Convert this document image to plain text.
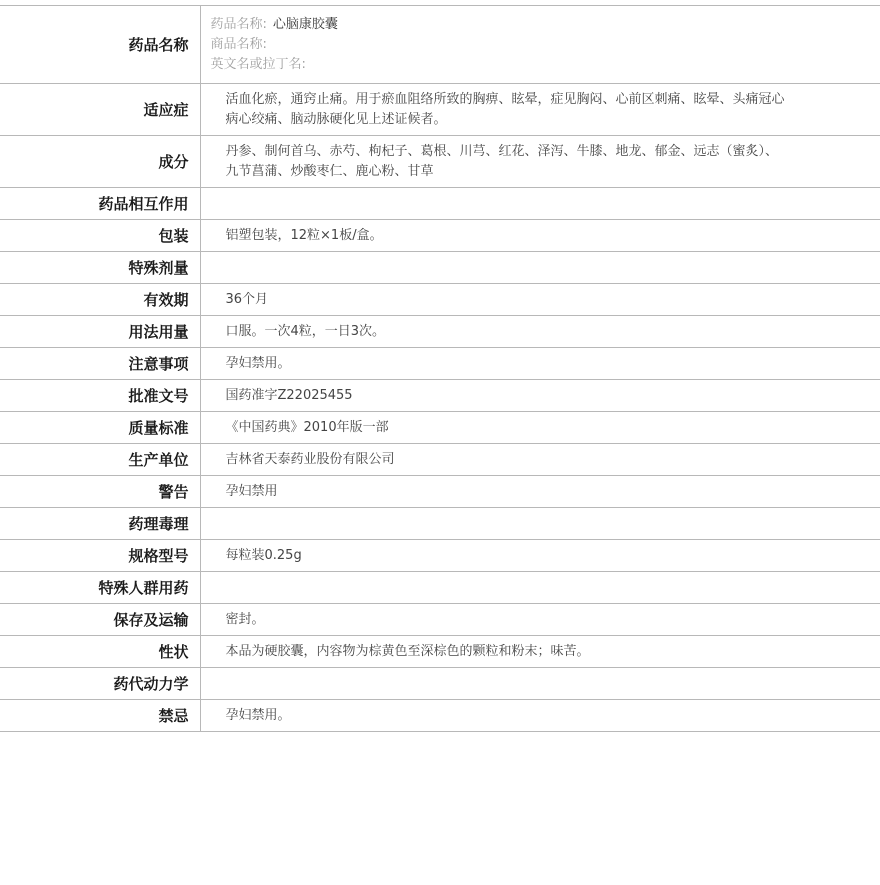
药品名称	药品名称: 心脑康胶囊
商品名称:
英文名或拉丁名:

适应症	活血化瘀，通窍止痛。用于瘀血阻络所致的胸痹、眩晕，症见胸闷、心前区刺痛、眩晕、头痛冠心病心绞痛、脑动脉硬化见上述证候者。
成分	丹参、制何首乌、赤芍、枸杞子、葛根、川芎、红花、泽泻、牛膝、地龙、郁金、远志（蜜炙）、九节菖蒲、炒酸枣仁、鹿心粉、甘草
药品相互作用	
包装	铝塑包装，12粒×1板/盒。
特殊剂量	
有效期	36个月
用法用量	口服。一次4粒，一日3次。
注意事项	孕妇禁用。
批准文号	国药准字Z22025455
质量标准	《中国药典》2010年版一部
生产单位	吉林省天泰药业股份有限公司
警告	孕妇禁用
药理毒理	
规格型号	每粒装0.25g
特殊人群用药	
保存及运输	密封。
性状	本品为硬胶囊，内容物为棕黄色至深棕色的颗粒和粉末；味苦。
药代动力学	
禁忌	孕妇禁用。
